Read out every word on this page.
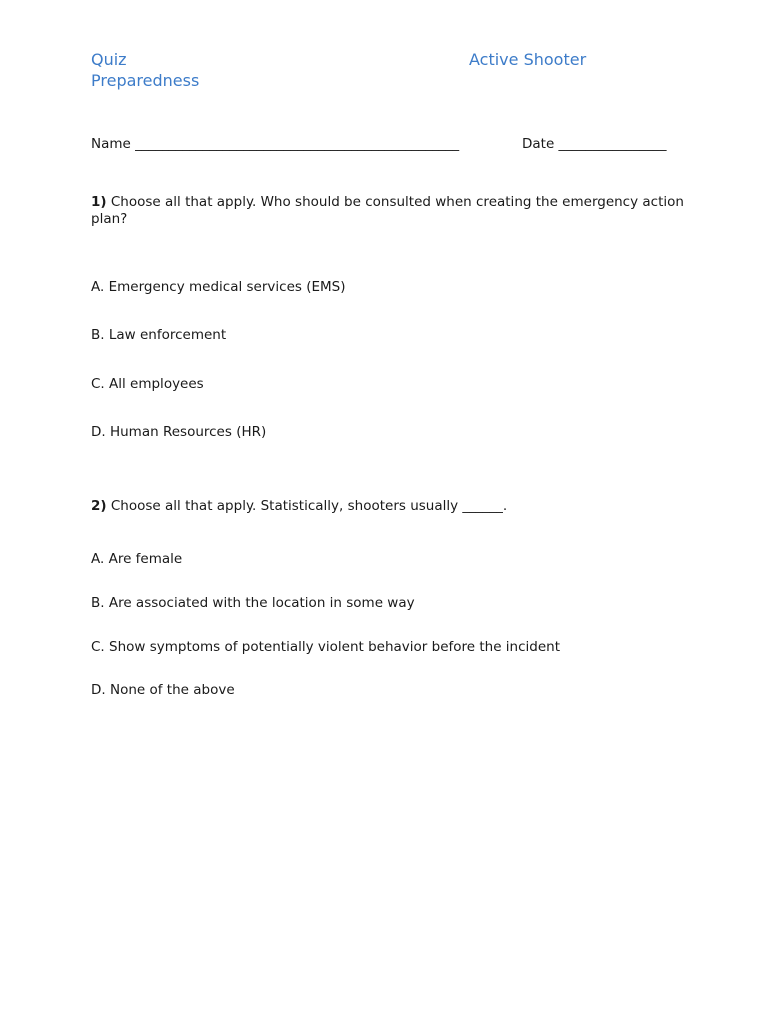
Quiz
Preparedness
Active Shooter
Name ________________________________________________	Date ________________
1) Choose all that apply. Who should be consulted when creating the emergency action plan?
A. Emergency medical services (EMS)
B. Law enforcement
C. All employees
D. Human Resources (HR)
2) Choose all that apply. Statistically, shooters usually ______.
A. Are female
B. Are associated with the location in some way
C. Show symptoms of potentially violent behavior before the incident
D. None of the above
